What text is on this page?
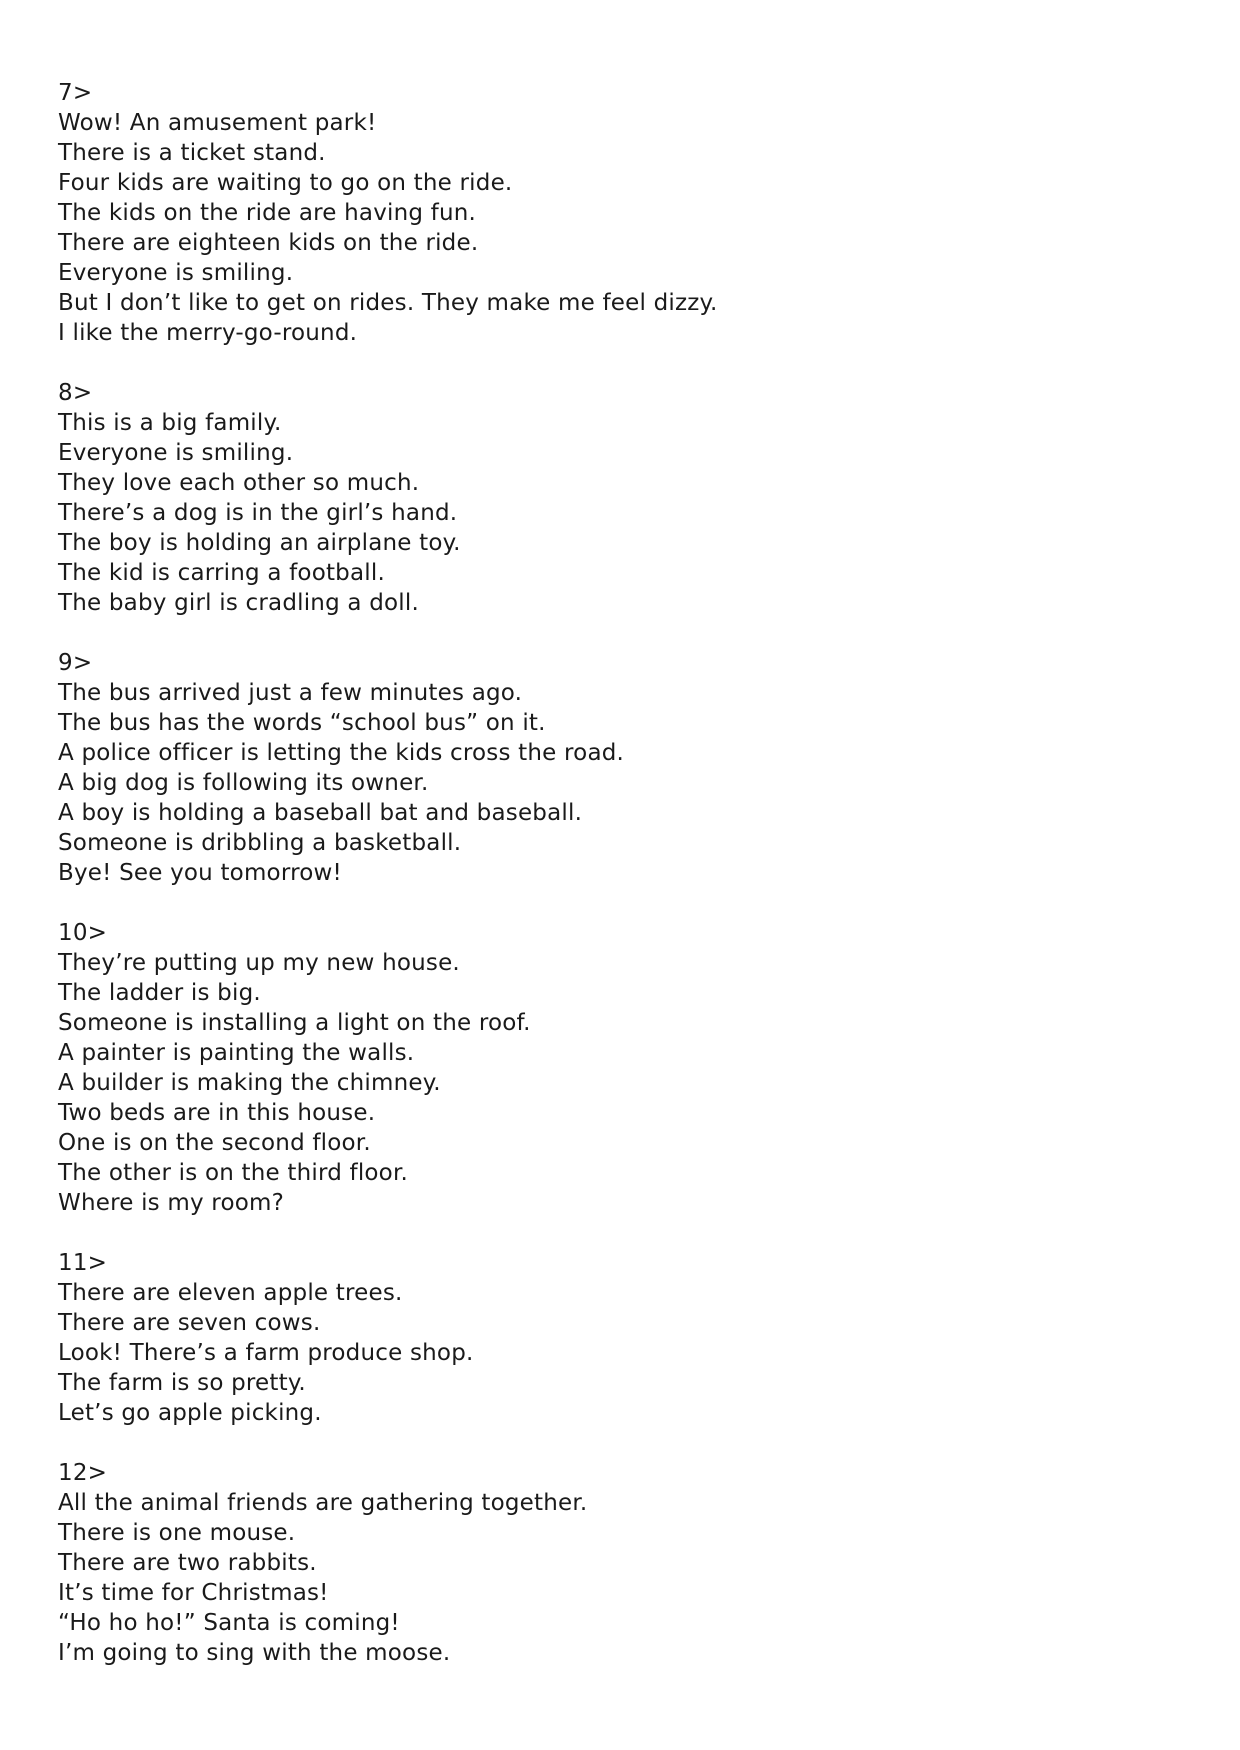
7>
Wow! An amusement park!
There is a ticket stand.
Four kids are waiting to go on the ride.
The kids on the ride are having fun.
There are eighteen kids on the ride.
Everyone is smiling.
But I don’t like to get on rides. They make me feel dizzy.
I like the merry-go-round.
8>
This is a big family.
Everyone is smiling.
They love each other so much.
There’s a dog is in the girl’s hand.
The boy is holding an airplane toy.
The kid is carring a football.
The baby girl is cradling a doll.
9>
The bus arrived just a few minutes ago.
The bus has the words “school bus” on it.
A police officer is letting the kids cross the road.
A big dog is following its owner.
A boy is holding a baseball bat and baseball.
Someone is dribbling a basketball.
Bye! See you tomorrow!
10>
They’re putting up my new house.
The ladder is big.
Someone is installing a light on the roof.
A painter is painting the walls.
A builder is making the chimney.
Two beds are in this house.
One is on the second floor.
The other is on the third floor.
Where is my room?
11>
There are eleven apple trees.
There are seven cows.
Look! There’s a farm produce shop.
The farm is so pretty.
Let’s go apple picking.
12>
All the animal friends are gathering together.
There is one mouse.
There are two rabbits.
It’s time for Christmas!
“Ho ho ho!” Santa is coming!
I’m going to sing with the moose.
